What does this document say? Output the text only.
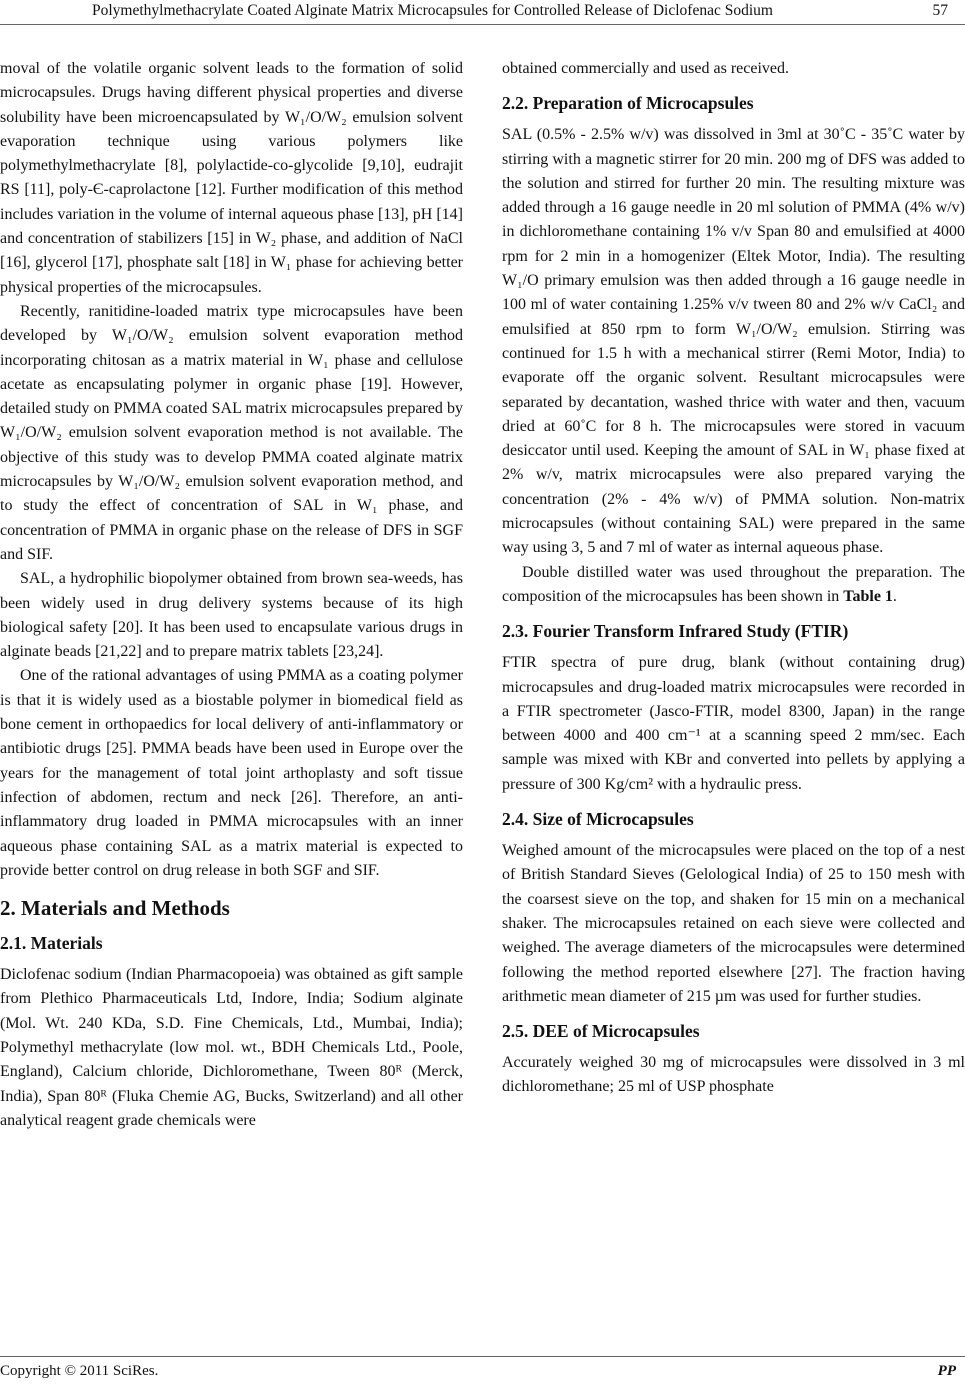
Polymethylmethacrylate Coated Alginate Matrix Microcapsules for Controlled Release of Diclofenac Sodium	57

moval of the volatile organic solvent leads to the formation of solid microcapsules. Drugs having different physical properties and diverse solubility have been microencapsulated by W₁/O/W₂ emulsion solvent evaporation technique using various polymers like polymethylmethacrylate [8], polylactide-co-glycolide [9,10], eudrajit RS [11], poly-Є-caprolactone [12]. Further modification of this method includes variation in the volume of internal aqueous phase [13], pH [14] and concentration of stabilizers [15] in W₂ phase, and addition of NaCl [16], glycerol [17], phosphate salt [18] in W₁ phase for achieving better physical properties of the microcapsules.

Recently, ranitidine-loaded matrix type microcapsules have been developed by W₁/O/W₂ emulsion solvent evaporation method incorporating chitosan as a matrix material in W₁ phase and cellulose acetate as encapsulating polymer in organic phase [19]. However, detailed study on PMMA coated SAL matrix microcapsules prepared by W₁/O/W₂ emulsion solvent evaporation method is not available. The objective of this study was to develop PMMA coated alginate matrix microcapsules by W₁/O/W₂ emulsion solvent evaporation method, and to study the effect of concentration of SAL in W₁ phase, and concentration of PMMA in organic phase on the release of DFS in SGF and SIF.

SAL, a hydrophilic biopolymer obtained from brown sea-weeds, has been widely used in drug delivery systems because of its high biological safety [20]. It has been used to encapsulate various drugs in alginate beads [21,22] and to prepare matrix tablets [23,24].

One of the rational advantages of using PMMA as a coating polymer is that it is widely used as a biostable polymer in biomedical field as bone cement in orthopaedics for local delivery of anti-inflammatory or antibiotic drugs [25]. PMMA beads have been used in Europe over the years for the management of total joint arthoplasty and soft tissue infection of abdomen, rectum and neck [26]. Therefore, an anti-inflammatory drug loaded in PMMA microcapsules with an inner aqueous phase containing SAL as a matrix material is expected to provide better control on drug release in both SGF and SIF.

2. Materials and Methods
2.1. Materials

Diclofenac sodium (Indian Pharmacopoeia) was obtained as gift sample from Plethico Pharmaceuticals Ltd, Indore, India; Sodium alginate (Mol. Wt. 240 KDa, S.D. Fine Chemicals, Ltd., Mumbai, India); Polymethyl methacrylate (low mol. wt., BDH Chemicals Ltd., Poole, England), Calcium chloride, Dichloromethane, Tween 80ᴿ (Merck, India), Span 80ᴿ (Fluka Chemie AG, Bucks, Switzerland) and all other analytical reagent grade chemicals were

obtained commercially and used as received.

2.2. Preparation of Microcapsules

SAL (0.5% - 2.5% w/v) was dissolved in 3ml at 30˚C - 35˚C water by stirring with a magnetic stirrer for 20 min. 200 mg of DFS was added to the solution and stirred for further 20 min. The resulting mixture was added through a 16 gauge needle in 20 ml solution of PMMA (4% w/v) in dichloromethane containing 1% v/v Span 80 and emulsified at 4000 rpm for 2 min in a homogenizer (Eltek Motor, India). The resulting W₁/O primary emulsion was then added through a 16 gauge needle in 100 ml of water containing 1.25% v/v tween 80 and 2% w/v CaCl₂ and emulsified at 850 rpm to form W₁/O/W₂ emulsion. Stirring was continued for 1.5 h with a mechanical stirrer (Remi Motor, India) to evaporate off the organic solvent. Resultant microcapsules were separated by decantation, washed thrice with water and then, vacuum dried at 60˚C for 8 h. The microcapsules were stored in vacuum desiccator until used. Keeping the amount of SAL in W₁ phase fixed at 2% w/v, matrix microcapsules were also prepared varying the concentration (2% - 4% w/v) of PMMA solution. Non-matrix microcapsules (without containing SAL) were prepared in the same way using 3, 5 and 7 ml of water as internal aqueous phase.

Double distilled water was used throughout the preparation. The composition of the microcapsules has been shown in Table 1.

2.3. Fourier Transform Infrared Study (FTIR)

FTIR spectra of pure drug, blank (without containing drug) microcapsules and drug-loaded matrix microcapsules were recorded in a FTIR spectrometer (Jasco-FTIR, model 8300, Japan) in the range between 4000 and 400 cm⁻¹ at a scanning speed 2 mm/sec. Each sample was mixed with KBr and converted into pellets by applying a pressure of 300 Kg/cm² with a hydraulic press.

2.4. Size of Microcapsules

Weighed amount of the microcapsules were placed on the top of a nest of British Standard Sieves (Gelological India) of 25 to 150 mesh with the coarsest sieve on the top, and shaken for 15 min on a mechanical shaker. The microcapsules retained on each sieve were collected and weighed. The average diameters of the microcapsules were determined following the method reported elsewhere [27]. The fraction having arithmetic mean diameter of 215 µm was used for further studies.

2.5. DEE of Microcapsules

Accurately weighed 30 mg of microcapsules were dissolved in 3 ml dichloromethane; 25 ml of USP phosphate

Copyright © 2011 SciRes.	PP
